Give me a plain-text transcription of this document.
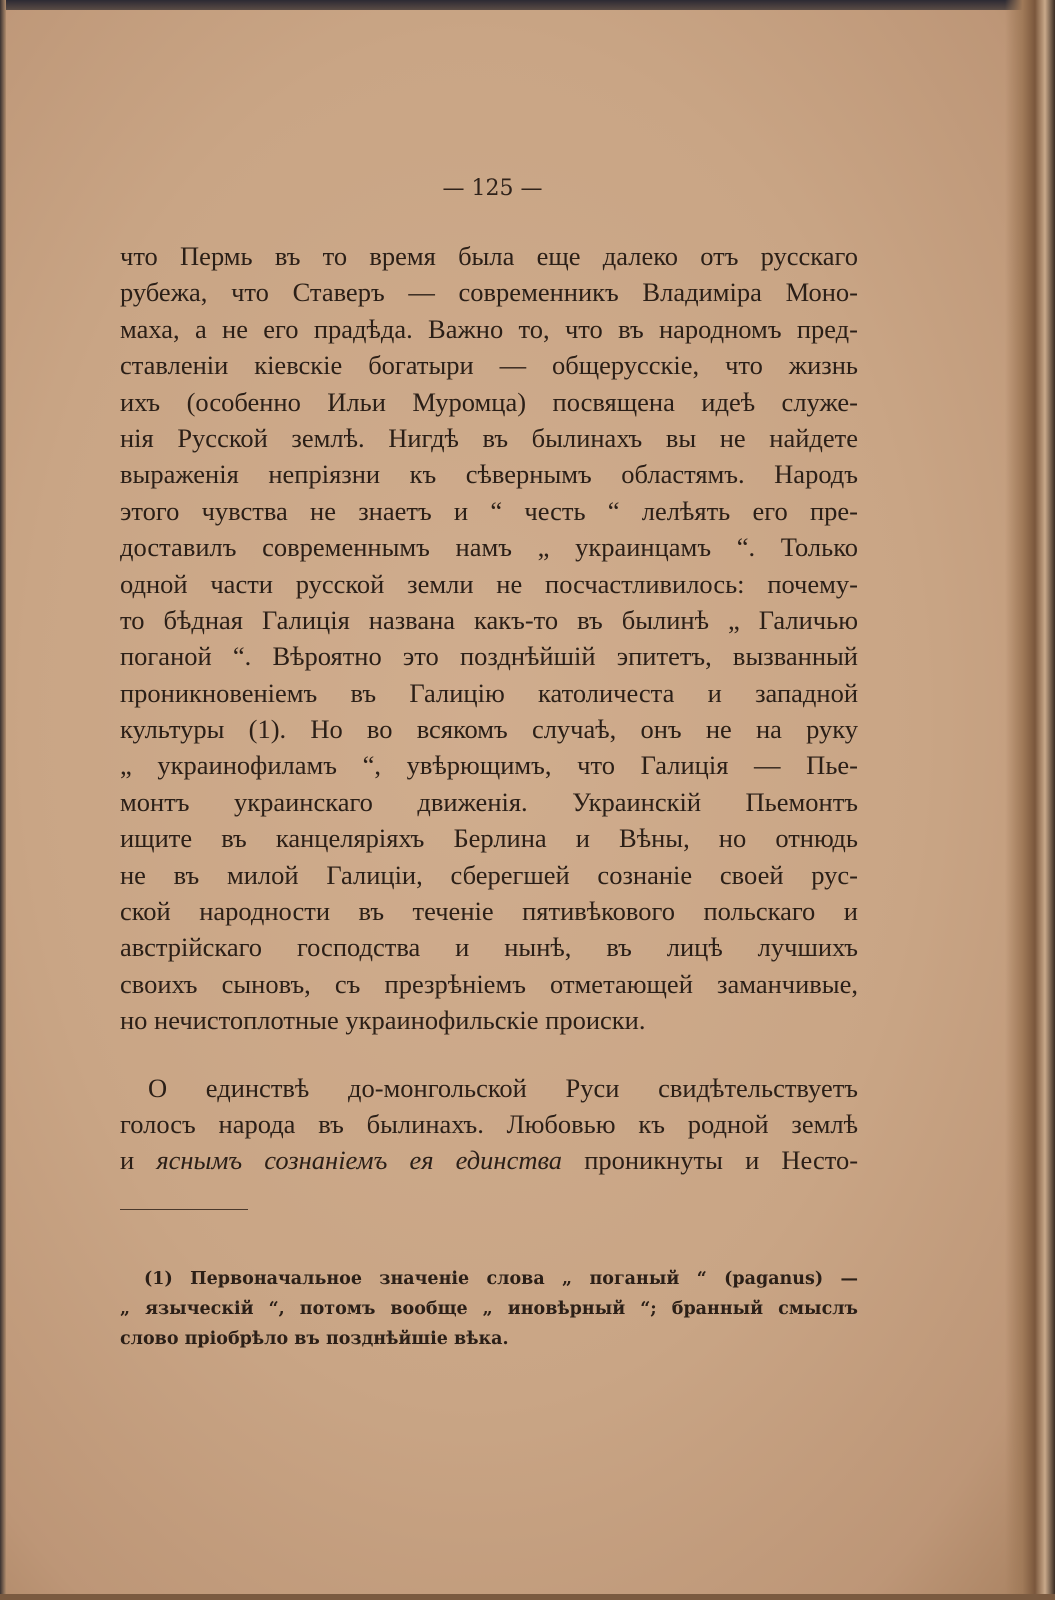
— 125 —
что Пермь въ то время была еще далеко отъ русскаго
рубежа, что Ставеръ — современникъ Владиміра Моно-
маха, а не его прадѣда. Важно то, что въ народномъ пред-
ставленіи кіевскіе богатыри — общерусскіе, что жизнь
ихъ (особенно Ильи Муромца) посвящена идеѣ служе-
нія Русской землѣ. Нигдѣ въ былинахъ вы не найдете
выраженія непріязни къ сѣвернымъ областямъ. Народъ
этого чувства не знаетъ и “ честь “ лелѣять его пре-
доставилъ современнымъ намъ „ украинцамъ “. Только
одной части русской земли не посчастливилось: почему-
то бѣдная Галиція названа какъ-то въ былинѣ „ Галичью
поганой “. Вѣроятно это позднѣйшій эпитетъ, вызванный
проникновеніемъ въ Галицію католичеста и западной
культуры (1). Но во всякомъ случаѣ, онъ не на руку
„ украинофиламъ “, увѣрющимъ, что Галиція — Пье-
монтъ украинскаго движенія. Украинскій Пьемонтъ
ищите въ канцеляріяхъ Берлина и Вѣны, но отнюдь
не въ милой Галиціи, сберегшей сознаніе своей рус-
ской народности въ теченіе пятивѣкового польскаго и
австрійскаго господства и нынѣ, въ лицѣ лучшихъ
своихъ сыновъ, съ презрѣніемъ отметающей заманчивые,
но нечистоплотные украинофильскіе происки.
О единствѣ до-монгольской Руси свидѣтельствуетъ
голосъ народа въ былинахъ. Любовью къ родной землѣ
и яснымъ сознаніемъ ея единства проникнуты и Несто-
(1) Первоначальное значеніе слова „ поганый “ (paganus) —
„ языческій “, потомъ вообще „ иновѣрный “; бранный смыслъ
слово пріобрѣло въ позднѣйшіе вѣка.
